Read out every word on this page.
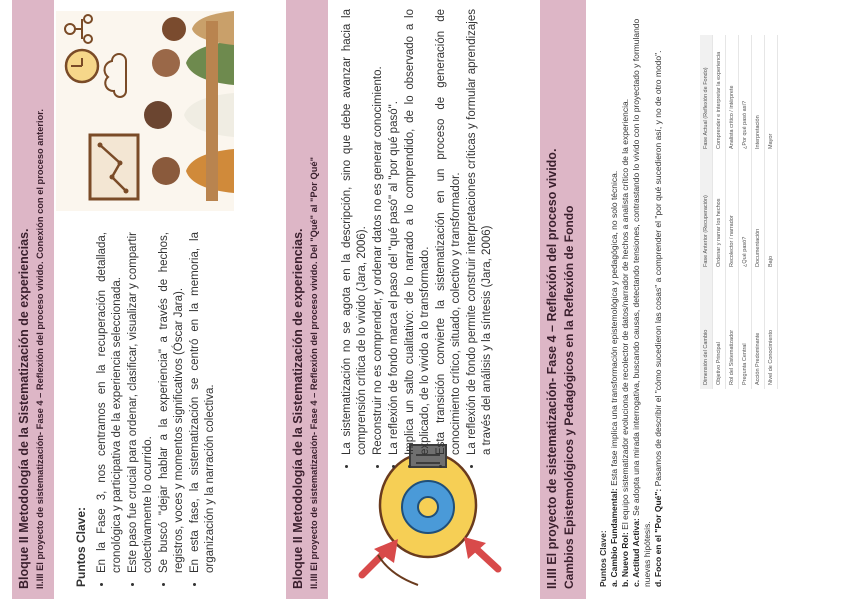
Bloque II Metodología de la Sistematización de experiencias. II.III El proyecto de sistematización- Fase 4 – Reflexión del proceso vivido. Conexión con el proceso anterior. Puntos Clave: • En la Fase 3, nos centramos en la recuperación detallada, cronológica y participativa de la experiencia seleccionada. • Este paso fue crucial para ordenar, clasificar, visualizar y compartir colectivamente lo ocurrido. • Se buscó "dejar hablar a la experiencia" a través de hechos, registros, voces y momentos significativos (Óscar Jara). • En esta fase, la sistematización se centró en la memoria, la organización y la narración colectiva.	Bloque II Metodología de la Sistematización de experiencias. II.III El proyecto de sistematización- Fase 4 – Reflexión del proceso vivido. Del "Qué" al "Por Qué" • La sistematización no se agota en la descripción, sino que debe avanzar hacia la comprensión crítica de lo vivido (Jara, 2006). • Reconstruir no es comprender, y ordenar datos no es generar conocimiento. • La reflexión de fondo marca el paso del "qué pasó" al "por qué pasó". • Implica un salto cualitativo: de lo narrado a lo comprendido, de lo observado a lo explicado, de lo vivido a lo transformado. • Esta transición convierte la sistematización en un proceso de generación de conocimiento crítico, situado, colectivo y transformador. • La reflexión de fondo permite construir interpretaciones críticas y formular aprendizajes a través del análisis y la síntesis (Jara, 2006)	II.III El proyecto de sistematización- Fase 4 – Reflexión del proceso vivido. Cambios Epistemológicos y Pedagógicos en la Reflexión de Fondo	Puntos Clave: a. Cambio Fundamental: Esta fase implica una transformación epistemológica y pedagógica, no solo técnica.
b. Nuevo Rol: El equipo sistematizador evoluciona de recolector de datos/narrador de hechos a analista crítico de la experiencia.
c. Actitud Activa: Se adopta una mirada interrogativa, buscando causas, detectando tensiones, contrastando lo vivido con lo proyectado y formulando nuevas hipótesis. d. Foco en el "Por Qué": Pasamos de describir el "cómo sucedieron las cosas" a comprender el "por qué sucedieron así, y no de otro modo".	Dimensión del Cambio	Fase Anterior (Recuperación)	Fase Actual (Reflexión de Fondo)
Objetivo Principal	Ordenar y narrar los hechos	Comprender e interpretar la experiencia
Rol del Sistematizador	Recolector / narrador	Analista crítico / intérprete
Pregunta Central	¿Qué pasó?	¿Por qué pasó así?
Acción Predominante	Documentación	Interpretación
Nivel de Conocimiento	Bajo	Mayor
